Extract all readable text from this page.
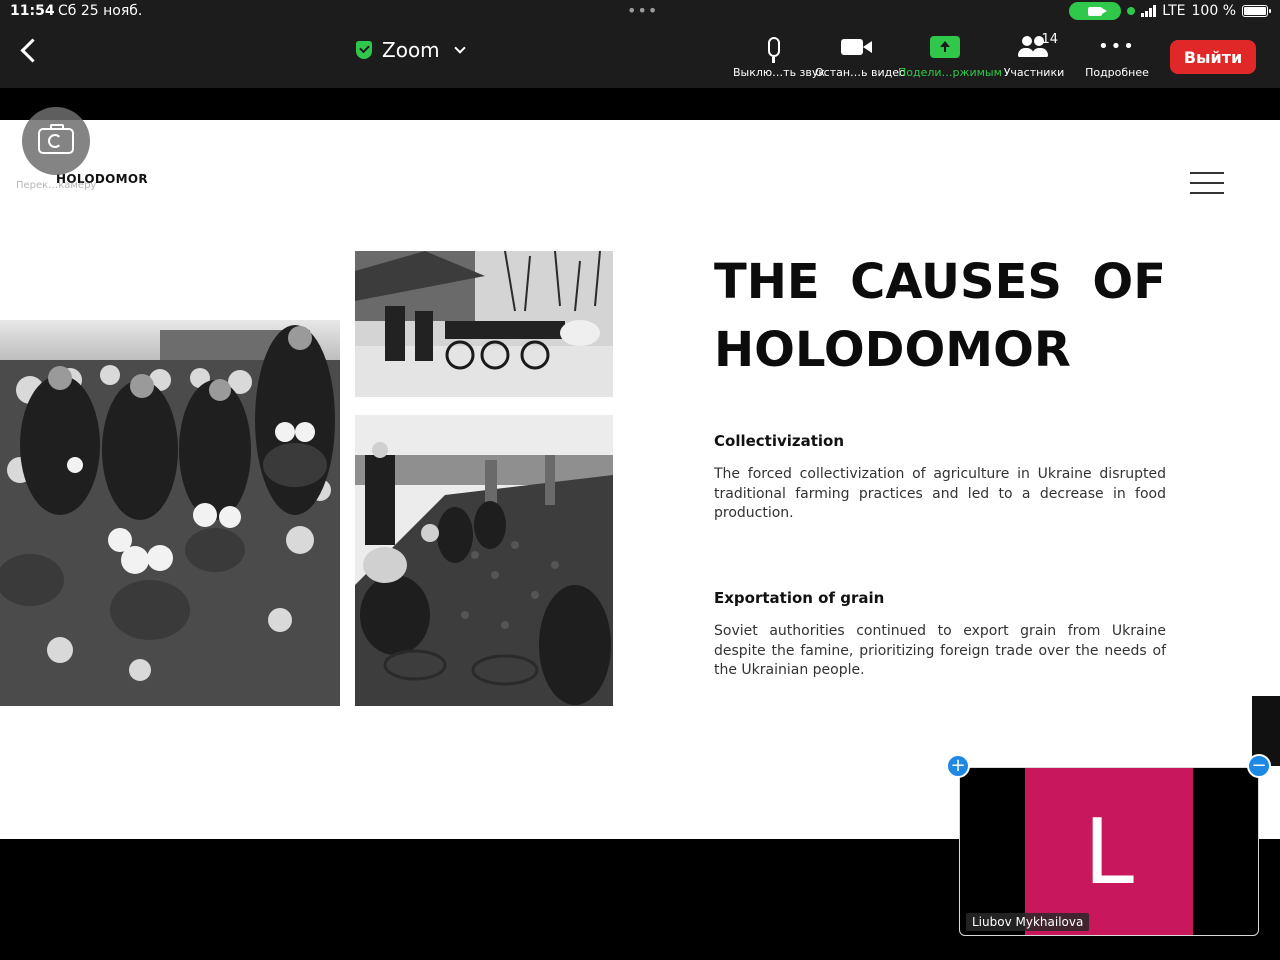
11:54 Сб 25 нояб.	•••	LTE 100 %
Zoom
Выклю…ть звук
Остан…ь видео
Подели…ржимым
14
Участники
•••
Подробнее
Выйти
HOLODOMOR
THE CAUSES OF
HOLODOMOR
Collectivization
The forced collectivization of agriculture in Ukraine disrupted traditional farming practices and led to a decrease in food production.
Exportation of grain
Soviet authorities continued to export grain from Ukraine despite the famine, prioritizing foreign trade over the needs of the Ukrainian people.
Перек…камеру
L
Liubov Mykhailova
+	−
